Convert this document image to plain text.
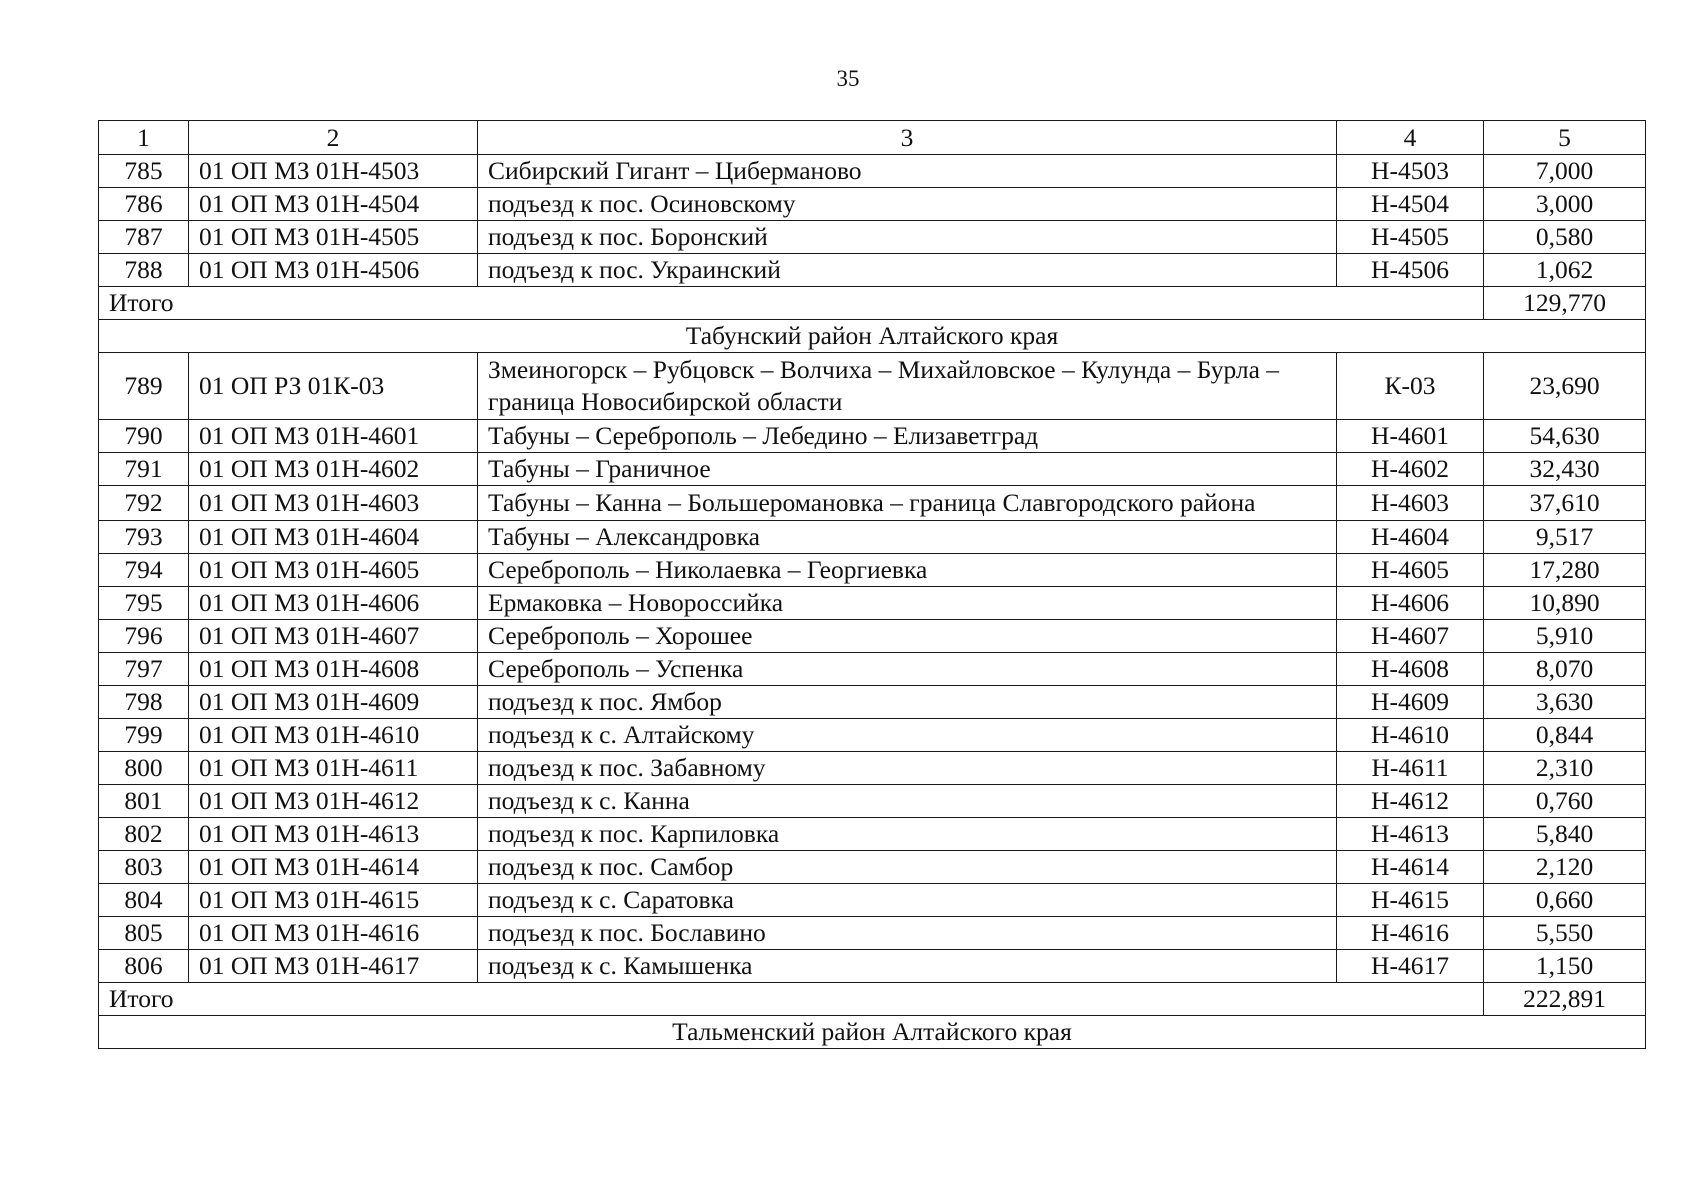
35
1	2	3	4	5
785	01 ОП МЗ 01Н-4503	Сибирский Гигант – Циберманово	Н-4503	7,000
786	01 ОП МЗ 01Н-4504	подъезд к пос. Осиновскому	Н-4504	3,000
787	01 ОП МЗ 01Н-4505	подъезд к пос. Боронский	Н-4505	0,580
788	01 ОП МЗ 01Н-4506	подъезд к пос. Украинский	Н-4506	1,062
Итого				129,770
Табунский район Алтайского края				
789	01 ОП РЗ 01К-03	Змеиногорск – Рубцовск – Волчиха – Михайловское – Кулунда – Бурла – граница Новосибирской области	К-03	23,690
790	01 ОП МЗ 01Н-4601	Табуны – Сереброполь – Лебедино – Елизаветград	Н-4601	54,630
791	01 ОП МЗ 01Н-4602	Табуны – Граничное	Н-4602	32,430
792	01 ОП МЗ 01Н-4603	Табуны – Канна – Большеромановка – граница Славгородского района	Н-4603	37,610
793	01 ОП МЗ 01Н-4604	Табуны – Александровка	Н-4604	9,517
794	01 ОП МЗ 01Н-4605	Сереброполь – Николаевка – Георгиевка	Н-4605	17,280
795	01 ОП МЗ 01Н-4606	Ермаковка – Новороссийка	Н-4606	10,890
796	01 ОП МЗ 01Н-4607	Сереброполь – Хорошее	Н-4607	5,910
797	01 ОП МЗ 01Н-4608	Сереброполь – Успенка	Н-4608	8,070
798	01 ОП МЗ 01Н-4609	подъезд к пос. Ямбор	Н-4609	3,630
799	01 ОП МЗ 01Н-4610	подъезд к с. Алтайскому	Н-4610	0,844
800	01 ОП МЗ 01Н-4611	подъезд к пос. Забавному	Н-4611	2,310
801	01 ОП МЗ 01Н-4612	подъезд к с. Канна	Н-4612	0,760
802	01 ОП МЗ 01Н-4613	подъезд к пос. Карпиловка	Н-4613	5,840
803	01 ОП МЗ 01Н-4614	подъезд к пос. Самбор	Н-4614	2,120
804	01 ОП МЗ 01Н-4615	подъезд к с. Саратовка	Н-4615	0,660
805	01 ОП МЗ 01Н-4616	подъезд к пос. Бославино	Н-4616	5,550
806	01 ОП МЗ 01Н-4617	подъезд к с. Камышенка	Н-4617	1,150
Итого				222,891
Тальменский район Алтайского края				
